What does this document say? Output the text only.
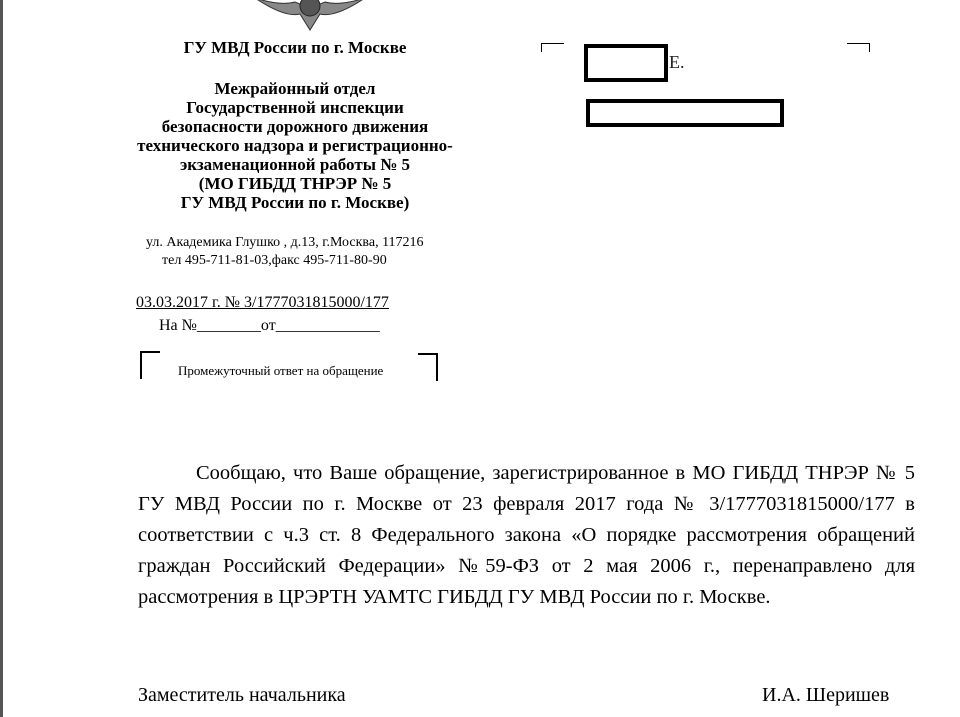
ГУ МВД России по г. Москве
Межрайонный отдел
Государственной инспекции
безопасности дорожного движения
технического надзора и регистрационно-
экзаменационной работы № 5
(МО ГИБДД ТНРЭР № 5
ГУ МВД России по г. Москве)
ул. Академика Глушко , д.13, г.Москва, 117216
тел 495-711-81-03,факс 495-711-80-90
03.03.2017 г. № 3/1777031815000/177
На №________от_____________
Промежуточный ответ на обращение
Е.
Сообщаю, что Ваше обращение, зарегистрированное в МО ГИБДД ТНРЭР № 5 ГУ МВД России по г. Москве от 23 февраля 2017 года № 3/1777031815000/177 в соответствии с ч.3 ст. 8 Федерального закона «О порядке рассмотрения обращений граждан Российский Федерации» №59-ФЗ от 2 мая 2006 г., перенаправлено для рассмотрения в ЦРЭРТН УАМТС ГИБДД ГУ МВД России по г. Москве.
Заместитель начальника	И.А. Шеришев
